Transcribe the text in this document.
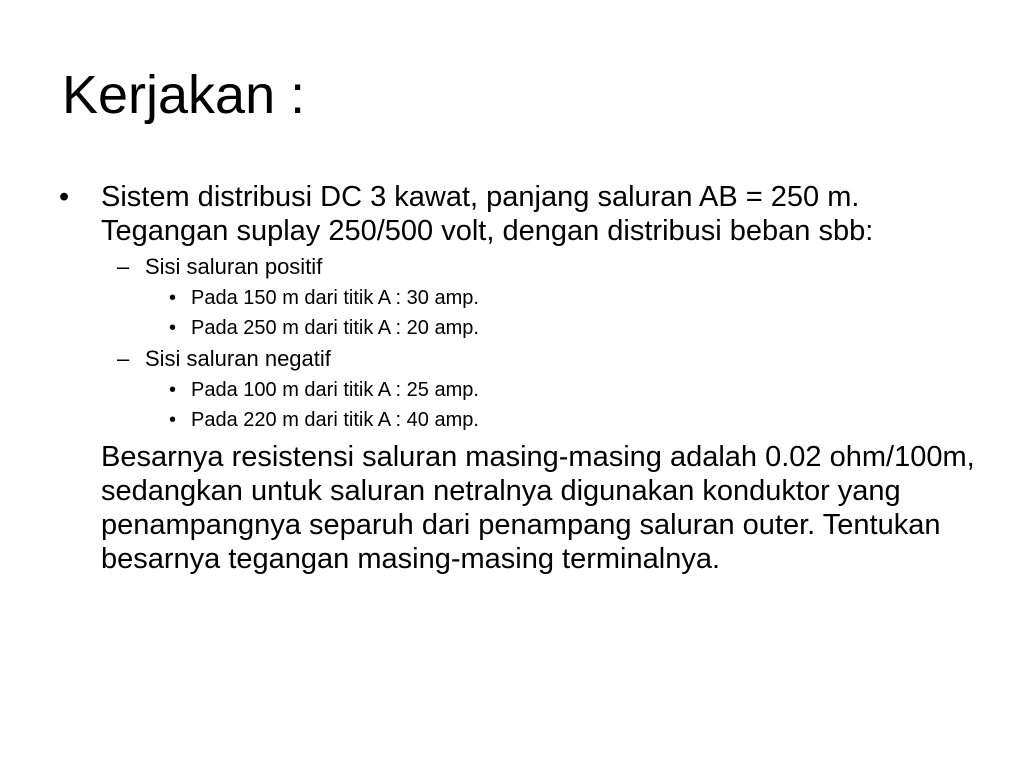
Kerjakan :
• Sistem distribusi DC 3 kawat, panjang saluran AB = 250 m. Tegangan suplay 250/500 volt, dengan distribusi beban sbb:
– Sisi saluran positif
• Pada 150 m dari titik A : 30 amp.
• Pada 250 m dari titik A : 20 amp.
– Sisi saluran negatif
• Pada 100 m dari titik A : 25 amp.
• Pada 220 m dari titik A : 40 amp.
Besarnya resistensi saluran masing-masing adalah 0.02 ohm/100m, sedangkan untuk saluran netralnya digunakan konduktor yang penampangnya separuh dari penampang saluran outer. Tentukan besarnya tegangan masing-masing terminalnya.
